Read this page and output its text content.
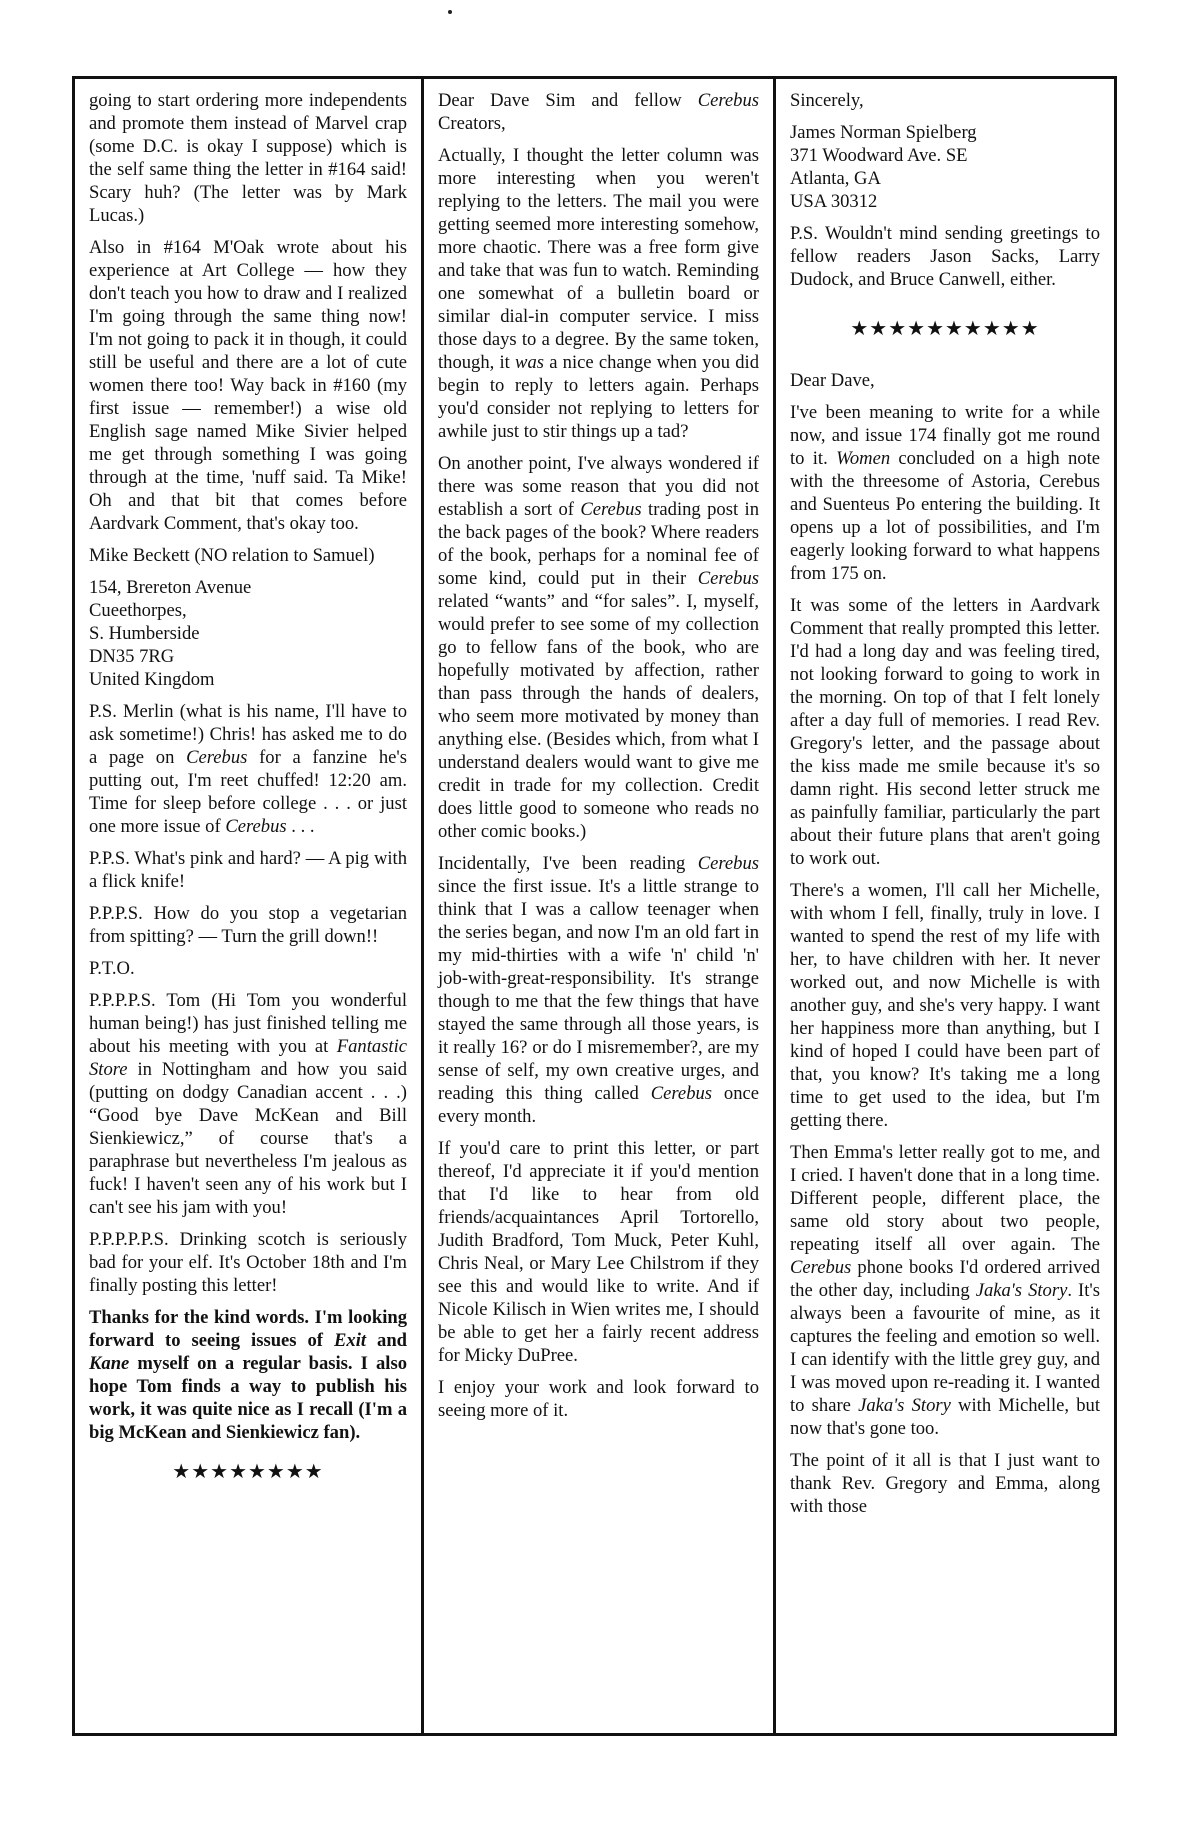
going to start ordering more independents and promote them instead of Marvel crap (some D.C. is okay I suppose) which is the self same thing the letter in #164 said! Scary huh? (The letter was by Mark Lucas.)

Also in #164 M'Oak wrote about his experience at Art College — how they don't teach you how to draw and I realized I'm going through the same thing now! I'm not going to pack it in though, it could still be useful and there are a lot of cute women there too! Way back in #160 (my first issue — remember!) a wise old English sage named Mike Sivier helped me get through something I was going through at the time, 'nuff said. Ta Mike! Oh and that bit that comes before Aardvark Comment, that's okay too.

Mike Beckett (NO relation to Samuel)

154, Brereton Avenue
Cueethorpes,
S. Humberside
DN35 7RG
United Kingdom

P.S. Merlin (what is his name, I'll have to ask sometime!) Chris! has asked me to do a page on Cerebus for a fanzine he's putting out, I'm reet chuffed! 12:20 am. Time for sleep before college . . . or just one more issue of Cerebus . . .

P.P.S. What's pink and hard? — A pig with a flick knife!

P.P.P.S. How do you stop a vegetarian from spitting? — Turn the grill down!!

P.T.O.

P.P.P.P.S. Tom (Hi Tom you wonderful human being!) has just finished telling me about his meeting with you at Fantastic Store in Nottingham and how you said (putting on dodgy Canadian accent . . .) “Good bye Dave McKean and Bill Sienkiewicz,” of course that's a paraphrase but nevertheless I'm jealous as fuck! I haven't seen any of his work but I can't see his jam with you!

P.P.P.P.P.S. Drinking scotch is seriously bad for your elf. It's October 18th and I'm finally posting this letter!

Thanks for the kind words. I'm looking forward to seeing issues of Exit and Kane myself on a regular basis. I also hope Tom finds a way to publish his work, it was quite nice as I recall (I'm a big McKean and Sienkiewicz fan).

★★★★★★★★

Dear Dave Sim and fellow Cerebus Creators,

Actually, I thought the letter column was more interesting when you weren't replying to the letters. The mail you were getting seemed more interesting somehow, more chaotic. There was a free form give and take that was fun to watch. Reminding one somewhat of a bulletin board or similar dial-in computer service. I miss those days to a degree. By the same token, though, it was a nice change when you did begin to reply to letters again. Perhaps you'd consider not replying to letters for awhile just to stir things up a tad?

On another point, I've always wondered if there was some reason that you did not establish a sort of Cerebus trading post in the back pages of the book? Where readers of the book, perhaps for a nominal fee of some kind, could put in their Cerebus related “wants” and “for sales”. I, myself, would prefer to see some of my collection go to fellow fans of the book, who are hopefully motivated by affection, rather than pass through the hands of dealers, who seem more motivated by money than anything else. (Besides which, from what I understand dealers would want to give me credit in trade for my collection. Credit does little good to someone who reads no other comic books.)

Incidentally, I've been reading Cerebus since the first issue. It's a little strange to think that I was a callow teenager when the series began, and now I'm an old fart in my mid-thirties with a wife 'n' child 'n' job-with-great-responsibility. It's strange though to me that the few things that have stayed the same through all those years, is it really 16? or do I misremember?, are my sense of self, my own creative urges, and reading this thing called Cerebus once every month.

If you'd care to print this letter, or part thereof, I'd appreciate it if you'd mention that I'd like to hear from old friends/acquaintances April Tortorello, Judith Bradford, Tom Muck, Peter Kuhl, Chris Neal, or Mary Lee Chilstrom if they see this and would like to write. And if Nicole Kilisch in Wien writes me, I should be able to get her a fairly recent address for Micky DuPree.

I enjoy your work and look forward to seeing more of it.

Sincerely,

James Norman Spielberg
371 Woodward Ave. SE
Atlanta, GA
USA 30312

P.S. Wouldn't mind sending greetings to fellow readers Jason Sacks, Larry Dudock, and Bruce Canwell, either.

★★★★★★★★★★

Dear Dave,

I've been meaning to write for a while now, and issue 174 finally got me round to it. Women concluded on a high note with the threesome of Astoria, Cerebus and Suenteus Po entering the building. It opens up a lot of possibilities, and I'm eagerly looking forward to what happens from 175 on.

It was some of the letters in Aardvark Comment that really prompted this letter. I'd had a long day and was feeling tired, not looking forward to going to work in the morning. On top of that I felt lonely after a day full of memories. I read Rev. Gregory's letter, and the passage about the kiss made me smile because it's so damn right. His second letter struck me as painfully familiar, particularly the part about their future plans that aren't going to work out.

There's a women, I'll call her Michelle, with whom I fell, finally, truly in love. I wanted to spend the rest of my life with her, to have children with her. It never worked out, and now Michelle is with another guy, and she's very happy. I want her happiness more than anything, but I kind of hoped I could have been part of that, you know? It's taking me a long time to get used to the idea, but I'm getting there.

Then Emma's letter really got to me, and I cried. I haven't done that in a long time. Different people, different place, the same old story about two people, repeating itself all over again. The Cerebus phone books I'd ordered arrived the other day, including Jaka's Story. It's always been a favourite of mine, as it captures the feeling and emotion so well. I can identify with the little grey guy, and I was moved upon re-reading it. I wanted to share Jaka's Story with Michelle, but now that's gone too.

The point of it all is that I just want to thank Rev. Gregory and Emma, along with those
